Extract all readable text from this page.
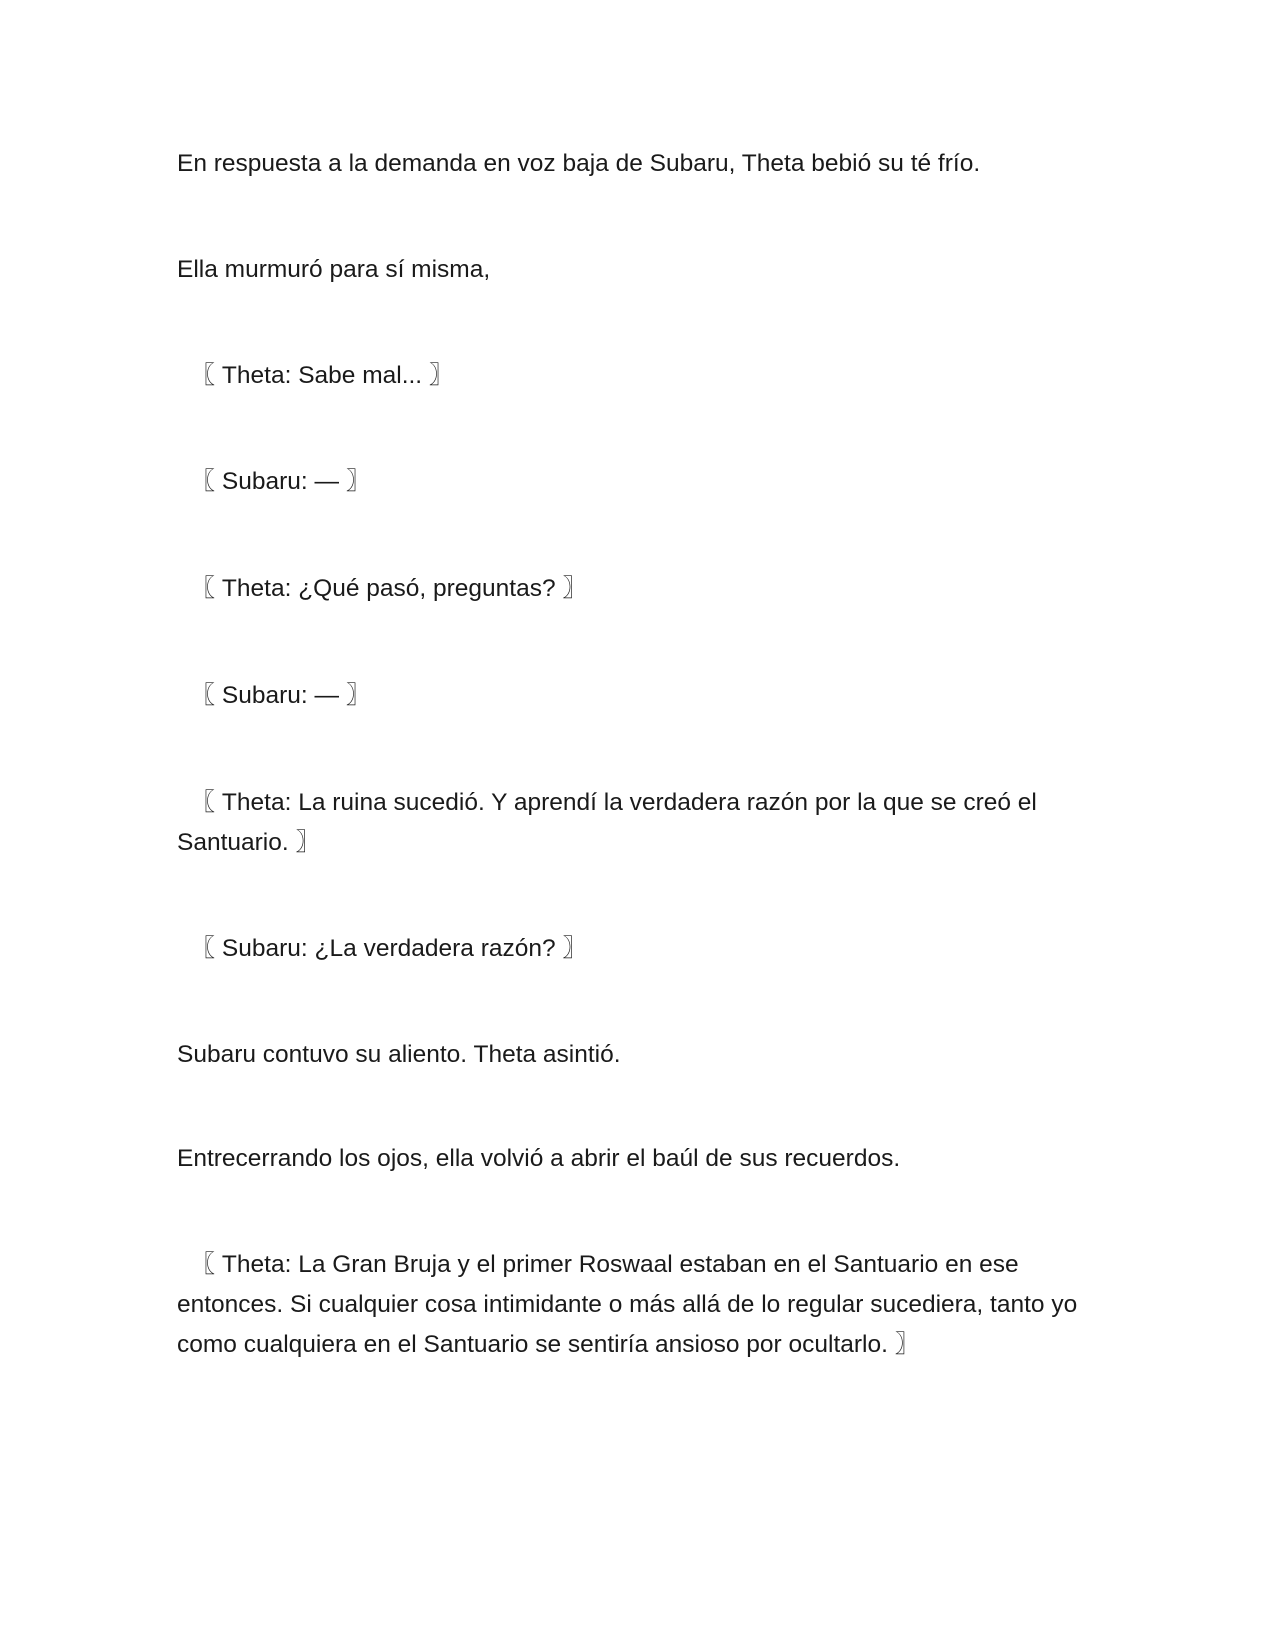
En respuesta a la demanda en voz baja de Subaru, Theta bebió su té frío.

Ella murmuró para sí misma,

〖 Theta: Sabe mal... 〗

〖 Subaru: — 〗

〖 Theta: ¿Qué pasó, preguntas? 〗

〖 Subaru: — 〗

〖 Theta: La ruina sucedió. Y aprendí la verdadera razón por la que se creó el Santuario. 〗

〖 Subaru: ¿La verdadera razón? 〗

Subaru contuvo su aliento. Theta asintió.

Entrecerrando los ojos, ella volvió a abrir el baúl de sus recuerdos.

〖 Theta: La Gran Bruja y el primer Roswaal estaban en el Santuario en ese entonces. Si cualquier cosa intimidante o más allá de lo regular sucediera, tanto yo como cualquiera en el Santuario se sentiría ansioso por ocultarlo. 〗
